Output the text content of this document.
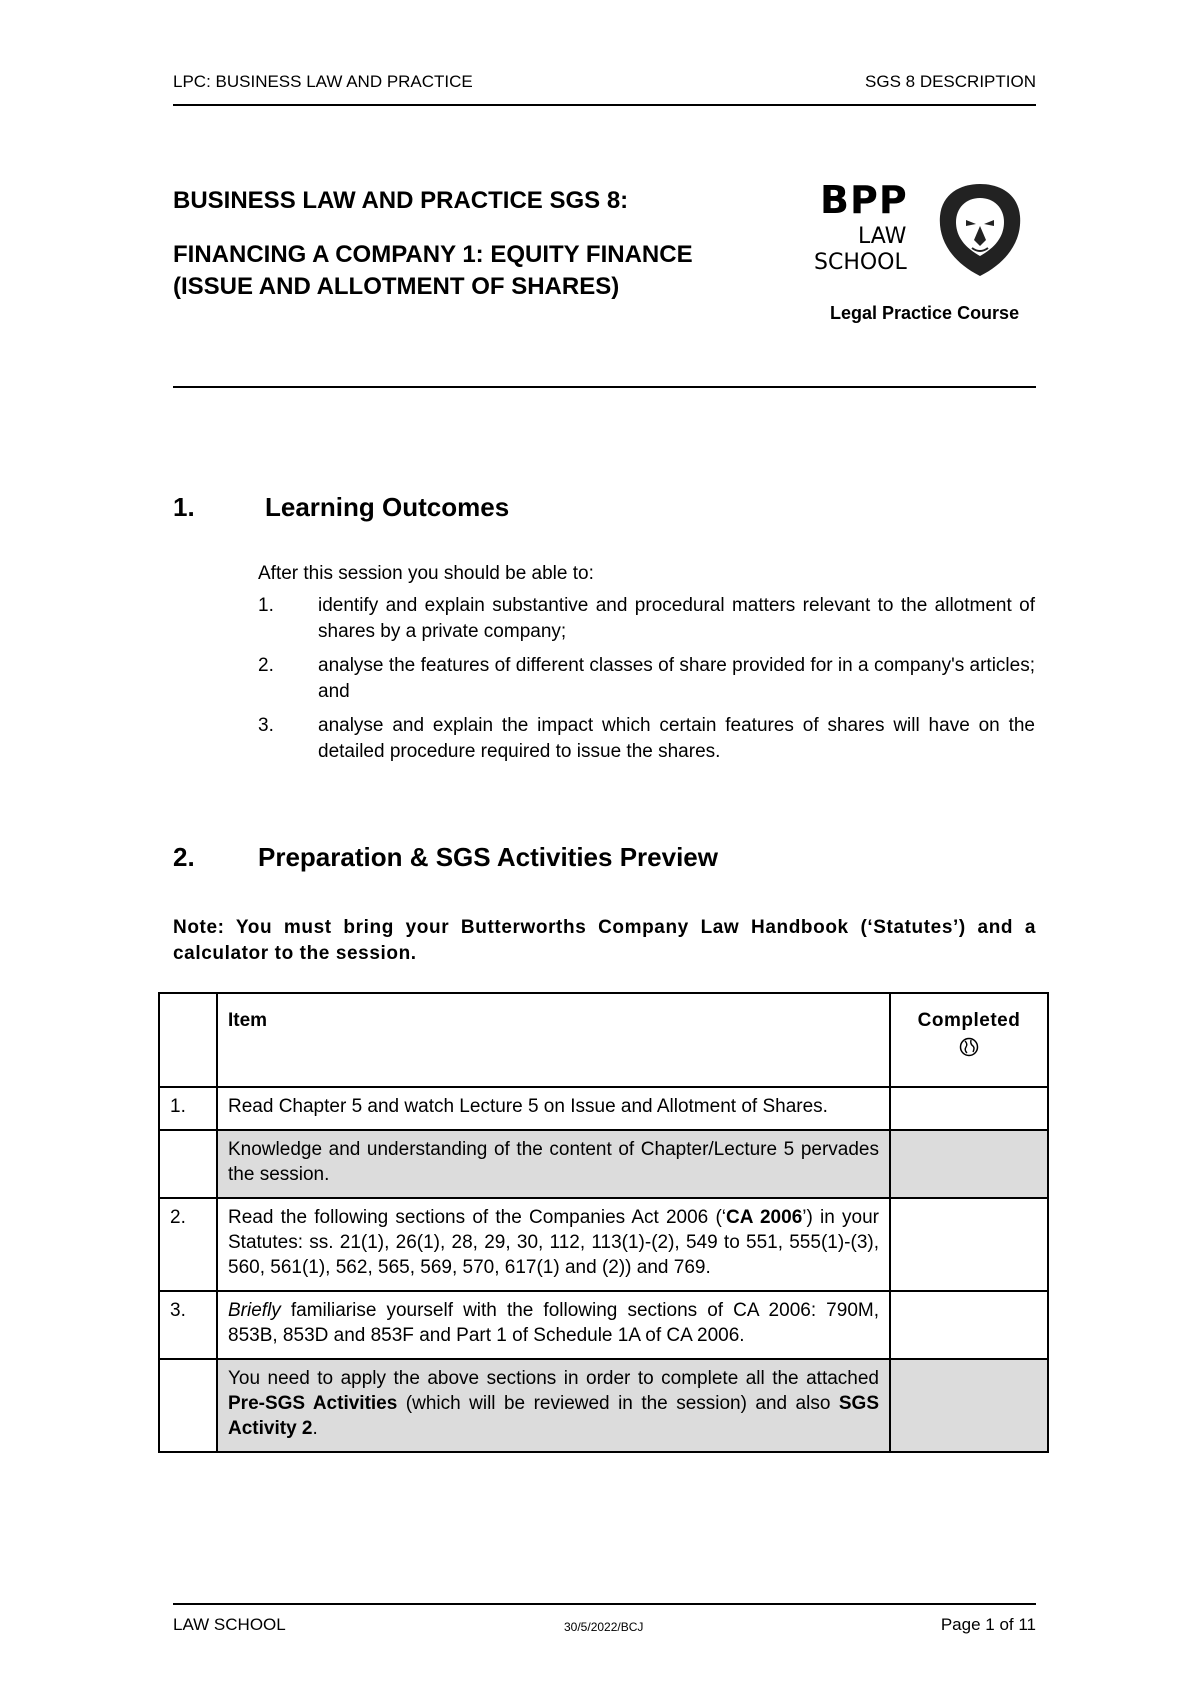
LPC: BUSINESS LAW AND PRACTICE	SGS 8 DESCRIPTION
BUSINESS LAW AND PRACTICE SGS 8:
FINANCING A COMPANY 1: EQUITY FINANCE (ISSUE AND ALLOTMENT OF SHARES)
BPP
LAW
SCHOOL
Legal Practice Course
1.	Learning Outcomes
After this session you should be able to:
1.	identify and explain substantive and procedural matters relevant to the allotment of shares by a private company;
2.	analyse the features of different classes of share provided for in a company's articles; and
3.	analyse and explain the impact which certain features of shares will have on the detailed procedure required to issue the shares.
2. Preparation & SGS Activities Preview
Note: You must bring your Butterworths Company Law Handbook (‘Statutes’) and a calculator to the session.
	Item	Completed

1.	Read Chapter 5 and watch Lecture 5 on Issue and Allotment of Shares.	
	Knowledge and understanding of the content of Chapter/Lecture 5 pervades the session.	
2.	Read the following sections of the Companies Act 2006 (‘CA 2006’) in your Statutes: ss. 21(1), 26(1), 28, 29, 30, 112, 113(1)-(2), 549 to 551, 555(1)-(3), 560, 561(1), 562, 565, 569, 570, 617(1) and (2)) and 769.	
3.	Briefly familiarise yourself with the following sections of CA 2006: 790M, 853B, 853D and 853F and Part 1 of Schedule 1A of CA 2006.	
	You need to apply the above sections in order to complete all the attached Pre-SGS Activities (which will be reviewed in the session) and also SGS Activity 2.	
LAW SCHOOL	30/5/2022/BCJ	Page 1 of 11
